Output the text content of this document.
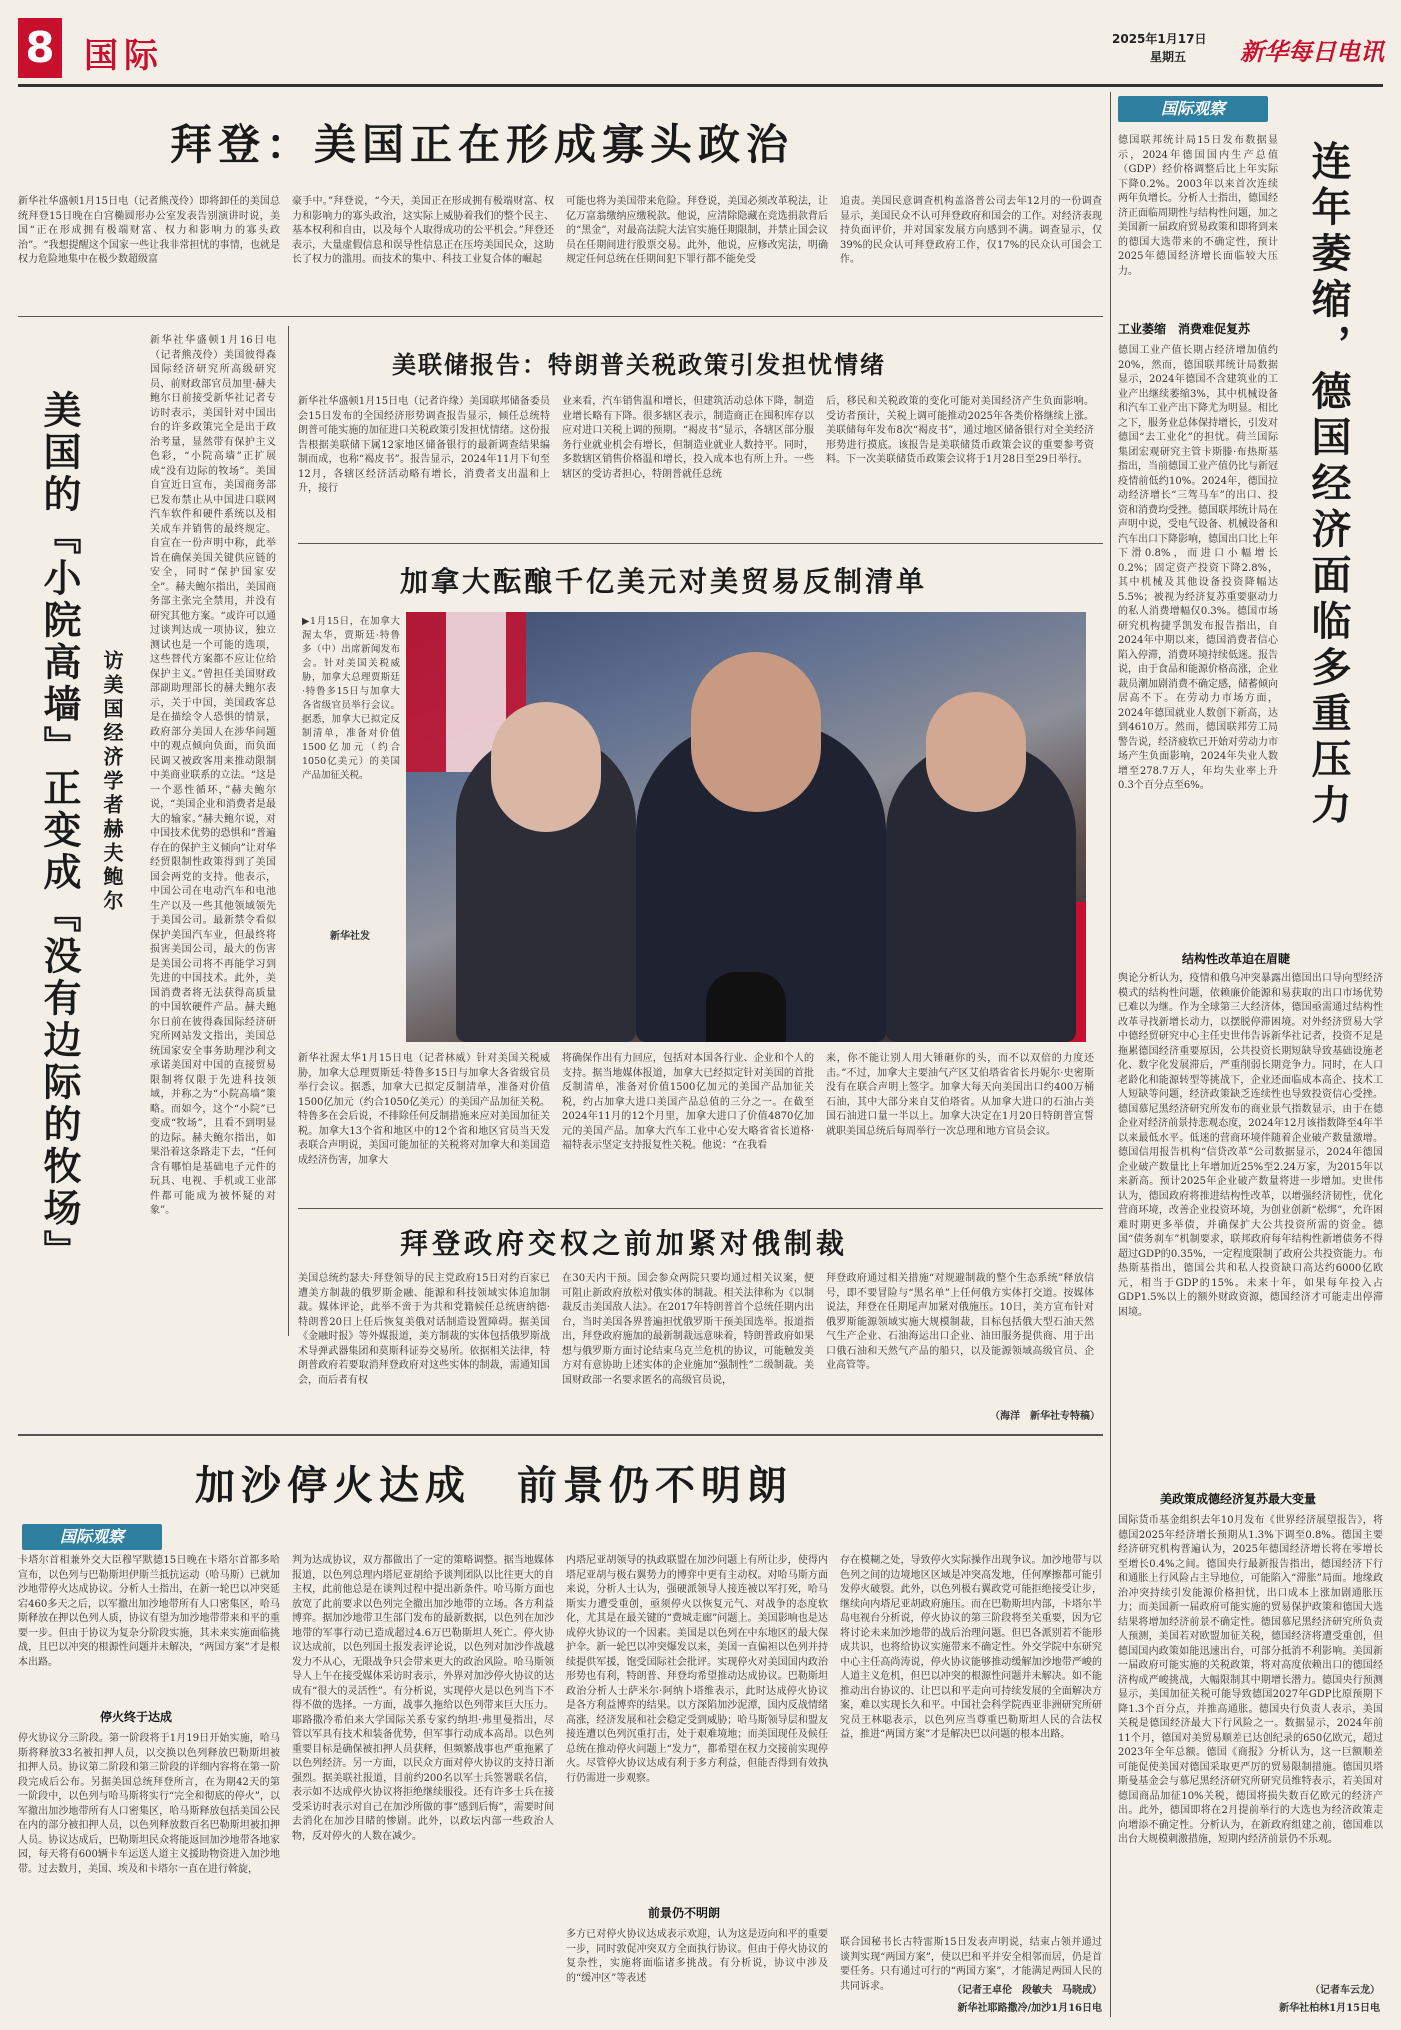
8 国际	2025年1月17日
星期五 新华每日电讯
拜登：美国正在形成寡头政治
新华社华盛顿1月15日电（记者熊茂伶）即将卸任的美国总统拜登15日晚在白宫椭圆形办公室发表告别演讲时说，美国“正在形成拥有极端财富、权力和影响力的寡头政治”。“我想提醒这个国家一些让我非常担忧的事情，也就是权力危险地集中在极少数超级富
豪手中。”拜登说，“今天，美国正在形成拥有极端财富、权力和影响力的寡头政治，这实际上威胁着我们的整个民主、基本权利和自由，以及每个人取得成功的公平机会。”拜登还表示，大量虚假信息和误导性信息正在压垮美国民众，这助长了权力的滥用。而技术的集中、科技工业复合体的崛起
可能也将为美国带来危险。拜登说，美国必须改革税法，让亿万富翁缴纳应缴税款。他说，应清除隐藏在竞选捐款背后的“黑金”，对最高法院大法官实施任期限制，并禁止国会议员在任期间进行股票交易。此外，他说，应修改宪法，明确规定任何总统在任期间犯下罪行都不能免受
追责。美国民意调查机构盖洛普公司去年12月的一份调查显示，美国民众不认可拜登政府和国会的工作。对经济表现持负面评价，并对国家发展方向感到不满。调查显示，仅39%的民众认可拜登政府工作，仅17%的民众认可国会工作。
新华社华盛顿1月16日电（记者熊茂伶）美国彼得森国际经济研究所高级研究员、前财政部官员加里·赫夫鲍尔日前接受新华社记者专访时表示，美国针对中国出台的许多政策完全是出于政治考量，显然带有保护主义色彩，“小院高墙”正扩展成“没有边际的牧场”。美国自宣近日宣布，美国商务部已发布禁止从中国进口联网汽车软件和硬件系统以及相关成车并销售的最终规定。自宣在一份声明中称，此举旨在确保美国关键供应链的安全，同时“保护国家安全”。赫夫鲍尔指出，美国商务部主张完全禁用，并没有研究其他方案。“或许可以通过谈判达成一项协议，独立测试也是一个可能的选项，这些替代方案都不应让位给保护主义。”曾担任美国财政部副助理部长的赫夫鲍尔表示，关于中国，美国政客总是在描绘令人恐惧的情景，政府部分美国人在涉华问题中的观点倾向负面，而负面民调又被政客用来推动限制中美商业联系的立法。“这是一个恶性循环，”赫夫鲍尔说，“美国企业和消费者是最大的输家。”赫夫鲍尔说，对中国技术优势的恐惧和“普遍存在的保护主义倾向”让对华经贸限制性政策得到了美国国会两党的支持。他表示，中国公司在电动汽车和电池生产以及一些其他领域领先于美国公司。最新禁令看似保护美国汽车业，但最终将损害美国公司，最大的伤害是美国公司将不再能学习到先进的中国技术。此外，美国消费者将无法获得高质量的中国软硬件产品。赫夫鲍尔日前在彼得森国际经济研究所网站发文指出，美国总统国家安全事务助理沙利文承诺美国对中国的直接贸易限制将仅限于先进科技领域，并称之为“小院高墙”策略。而如今，这个“小院”已变成“牧场”，且看不到明显的边际。赫夫鲍尔指出，如果沿着这条路走下去，“任何含有哪怕是基础电子元件的玩具、电视、手机或工业部件都可能成为被怀疑的对象”。
美国的『小院高墙』正变成『没有边际的牧场』 访美国经济学者赫夫鲍尔
美联储报告：特朗普关税政策引发担忧情绪
新华社华盛顿1月15日电（记者许缘）美国联邦储备委员会15日发布的全国经济形势调查报告显示，倾任总统特朗普可能实施的加征进口关税政策引发担忧情绪。这份报告根据美联储下属12家地区储备银行的最新调查结果编制而成，也称“褐皮书”。报告显示，2024年11月下旬至12月，各辖区经济活动略有增长，消费者支出温和上升，接行
业来看，汽车销售温和增长，但建筑活动总体下降，制造业增长略有下降。很多辖区表示，制造商正在囤积库存以应对进口关税上调的预期。“褐皮书”显示，各辖区部分服务行业就业机会有增长，但制造业就业人数持平。同时，多数辖区销售价格温和增长，投入成本也有所上升。一些辖区的受访者担心，特朗普就任总统
后，移民和关税政策的变化可能对美国经济产生负面影响。受访者预计，关税上调可能推动2025年各类价格继续上涨。美联储每年发布8次“褐皮书”，通过地区储备银行对全美经济形势进行摸底。该报告是美联储货币政策会议的重要参考资料。下一次美联储货币政策会议将于1月28日至29日举行。
加拿大酝酿千亿美元对美贸易反制清单
▶1月15日，在加拿大渥太华，贾斯廷·特鲁多（中）出席新闻发布会。针对美国关税威胁，加拿大总理贾斯廷·特鲁多15日与加拿大各省级官员举行会议。据悉，加拿大已拟定反制清单，准备对价值1500亿加元（约合1050亿美元）的美国产品加征关税。
新华社发
新华社渥太华1月15日电（记者林威）针对美国关税威胁，加拿大总理贾斯廷·特鲁多15日与加拿大各省级官员举行会议。据悉，加拿大已拟定反制清单，准备对价值1500亿加元（约合1050亿美元）的美国产品加征关税。特鲁多在会后说，不排除任何反制措施来应对美国加征关税。加拿大13个省和地区中的12个省和地区官员当天发表联合声明说，美国可能加征的关税将对加拿大和美国造成经济伤害，加拿大
将确保作出有力回应，包括对本国各行业、企业和个人的支持。据当地媒体报道，加拿大已经拟定针对美国的首批反制清单，准备对价值1500亿加元的美国产品加征关税，约占加拿大进口美国产品总值的三分之一。在截至2024年11月的12个月里，加拿大进口了价值4870亿加元的美国产品。加拿大汽车工业中心安大略省省长道格·福特表示坚定支持报复性关税。他说：“在我看
来，你不能让别人用大锤砸你的头，而不以双倍的力度还击。”不过，加拿大主要油气产区艾伯塔省省长丹妮尔·史密斯没有在联合声明上签字。加拿大每天向美国出口约400万桶石油，其中大部分来自艾伯塔省。从加拿大进口的石油占美国石油进口量一半以上。加拿大决定在1月20日特朗普宣誓就职美国总统后每周举行一次总理和地方官员会议。
拜登政府交权之前加紧对俄制裁
美国总统约瑟夫·拜登领导的民主党政府15日对约百家已遭美方制裁的俄罗斯金融、能源和科技领域实体追加制裁。媒体评论，此举不啻于为共和党籍候任总统唐纳德·特朗普20日上任后恢复美俄对话制造设置障碍。据美国《金融时报》等外媒报道，美方制裁的实体包括俄罗斯战术导弹武器集团和莫斯科证券交易所。依据相关法律，特朗普政府若要取消拜登政府对这些实体的制裁，需通知国会，而后者有权
在30天内干预。国会参众两院只要均通过相关议案，便可阻止新政府放松对俄实体的制裁。相关法律称为《以制裁反击美国敌人法》。在2017年特朗普首个总统任期内出台，当时美国各界普遍担忧俄罗斯干预美国选举。报道指出，拜登政府施加的最新制裁远意味着，特朗普政府如果想与俄罗斯方面讨论结束乌克兰危机的协议，可能触发美方对有意协助上述实体的企业施加“强制性”二级制裁。美国财政部一名要求匿名的高级官员说，
拜登政府通过相关措施“对规避制裁的整个生态系统”释放信号，即不要冒险与“黑名单”上任何俄方实体打交道。按媒体说法，拜登在任期尾声加紧对俄施压。10日，美方宣布针对俄罗斯能源领域实施大规模制裁，目标包括俄大型石油天然气生产企业、石油海运出口企业、油田服务提供商、用于出口俄石油和天然气产品的船只，以及能源领域高级官员、企业高管等。
（海洋　新华社专特稿）
加沙停火达成　前景仍不明朗
国际观察
卡塔尔首相兼外交大臣穆罕默德15日晚在卡塔尔首都多哈宣布，以色列与巴勒斯坦伊斯兰抵抗运动（哈马斯）已就加沙地带停火达成协议。分析人士指出，在新一轮巴以冲突延宕460多天之后，以军撤出加沙地带所有人口密集区，哈马斯释放在押以色列人质，协议有望为加沙地带带来和平的重要一步。但由于协议为复杂分阶段实施，其未来实施面临挑战，且巴以冲突的根源性问题并未解决，“两国方案”才是根本出路。
停火终于达成
停火协议分三阶段。第一阶段将于1月19日开始实施，哈马斯将释放33名被扣押人员，以交换以色列释放巴勒斯坦被扣押人员。协议第二阶段和第三阶段的详细内容将在第一阶段完成后公布。另据美国总统拜登所言，在为期42天的第一阶段中，以色列与哈马斯将实行“完全和彻底的停火”，以军撤出加沙地带所有人口密集区，哈马斯释放包括美国公民在内的部分被扣押人员，以色列释放数百名巴勒斯坦被扣押人员。协议达成后，巴勒斯坦民众将能返回加沙地带各地家园，每天将有600辆卡车运送人道主义援助物资进入加沙地带。过去数月，美国、埃及和卡塔尔一直在进行斡旋，
判为达成协议，双方都做出了一定的策略调整。据当地媒体报道，以色列总理内塔尼亚胡给予谈判团队以比往更大的自主权，此前他总是在谈判过程中提出新条件。哈马斯方面也放宽了此前要求以色列完全撤出加沙地带的立场。各方利益博弈。据加沙地带卫生部门发布的最新数据，以色列在加沙地带的军事行动已造成超过4.6万巴勒斯坦人死亡。停火协议达成前，以色列国土报发表评论说，以色列对加沙作战越发力不从心，无限战争只会带来更大的政治风险。哈马斯领导人上午在接受媒体采访时表示，外界对加沙停火协议的达成有“很大的灵活性”。有分析说，实现停火是以色列当下不得不做的选择。一方面，战事久拖给以色列带来巨大压力。耶路撒冷希伯来大学国际关系专家约纳坦·弗里曼指出，尽管以军具有技术和装备优势，但军事行动成本高昂。以色列重要目标是确保被扣押人员获释，但频繁战事也严重拖累了以色列经济。另一方面，以民众方面对停火协议的支持日渐强烈。据美联社报道，目前约200名以军士兵签署联名信，表示如不达成停火协议将拒绝继续服役。还有许多士兵在接受采访时表示对自己在加沙所做的事“感到后悔”，需要时间去消化在加沙目睹的惨剧。此外，以政坛内部一些政治人物，反对停火的人数在减少。
内塔尼亚胡领导的执政联盟在加沙问题上有所让步，使得内塔尼亚胡与极右翼势力的博弈中更有主动权。对哈马斯方面来说，分析人士认为，强硬派领导人接连被以军打死，哈马斯实力遭受重创，亟须停火以恢复元气、对战争的态度软化，尤其是在最关键的“费城走廊”问题上。美国影响也是达成停火协议的一个因素。美国是以色列在中东地区的最大保护伞。新一轮巴以冲突爆发以来，美国一直偏袒以色列并持续提供军援，饱受国际社会批评。实现停火对美国国内政治形势也有利，特朗普、拜登均希望推动达成协议。巴勒斯坦政治分析人士萨米尔·阿纳卜塔维表示，此时达成停火协议是各方利益博弈的结果。以方深陷加沙泥潭，国内反战情绪高涨，经济发展和社会稳定受到威胁；哈马斯领导层和盟友接连遭以色列沉重打击，处于艰难境地；而美国现任及候任总统在推动停火问题上“发力”，都希望在权力交接前实现停火。尽管停火协议达成有利于多方利益，但能否得到有效执行仍需进一步观察。
前景仍不明朗
多方已对停火协议达成表示欢迎，认为这是迈向和平的重要一步，同时敦促冲突双方全面执行协议。但由于停火协议的复杂性，实施将面临诸多挑战。有分析说，协议中涉及的“缓冲区”等表述
存在模糊之处，导致停火实际操作出现争议。加沙地带与以色列之间的边境地区区域是冲突高发地，任何摩擦都可能引发停火破裂。此外，以色列极右翼政党可能拒绝接受让步，继续向内塔尼亚胡政府施压。而在巴勒斯坦内部，卡塔尔半岛电视台分析说，停火协议的第三阶段将至关重要，因为它将讨论未来加沙地带的战后治理问题。但巴各派别若不能形成共识，也将给协议实施带来不确定性。外交学院中东研究中心主任高尚涛说，停火协议能够推动缓解加沙地带严峻的人道主义危机，但巴以冲突的根源性问题并未解决。如不能推动出台协议的、让巴以和平走向可持续发展的全面解决方案，难以实现长久和平。中国社会科学院西亚非洲研究所研究员王林聪表示，以色列应当尊重巴勒斯坦人民的合法权益，推进“两国方案”才是解决巴以问题的根本出路。
联合国秘书长古特雷斯15日发表声明说，结束占领并通过谈判实现“两国方案”，使以巴和平并安全相邻而居，仍是首要任务。只有通过可行的“两国方案”，才能满足两国人民的共同诉求。	（记者王卓伦　段敏夫　马晓成）
新华社耶路撒冷/加沙1月16日电
国际观察
连年萎缩，德国经济面临多重压力
德国联邦统计局15日发布数据显示，2024年德国国内生产总值（GDP）经价格调整后比上年实际下降0.2%。2003年以来首次连续两年负增长。分析人士指出，德国经济正面临周期性与结构性问题，加之美国新一届政府贸易政策和即将到来的德国大选带来的不确定性，预计2025年德国经济增长面临较大压力。
工业萎缩　消费难促复苏
德国工业产值长期占经济增加值约20%，然而，德国联邦统计局数据显示，2024年德国不含建筑业的工业产出继续萎缩3%，其中机械设备和汽车工业产出下降尤为明显。相比之下，服务业总体保持增长，引发对德国“去工业化”的担忧。荷兰国际集团宏观研究主管卡斯滕·布热斯基指出，当前德国工业产值仍比与新冠疫情前低约10%。2024年，德国拉动经济增长“三驾马车”的出口、投资和消费均受挫。德国联邦统计局在声明中说，受电气设备、机械设备和汽车出口下降影响，德国出口比上年下滑0.8%，而进口小幅增长0.2%；固定资产投资下降2.8%，其中机械及其他设备投资降幅达5.5%；被视为经济复苏重要驱动力的私人消费增幅仅0.3%。德国市场研究机构捷孚凯发布报告指出，自2024年中期以来，德国消费者信心陷入停滞，消费环境持续低迷。报告说，由于食品和能源价格高涨，企业裁员潮加剧消费不确定感，储蓄倾向居高不下。在劳动力市场方面，2024年德国就业人数创下新高，达到4610万。然而，德国联邦劳工局警告说，经济疲软已开始对劳动力市场产生负面影响，2024年失业人数增至278.7万人，年均失业率上升0.3个百分点至6%。
结构性改革迫在眉睫
舆论分析认为，疫情和俄乌冲突暴露出德国出口导向型经济模式的结构性问题，依赖廉价能源和易获取的出口市场优势已难以为继。作为全球第三大经济体，德国亟需通过结构性改革寻找新增长动力，以摆脱停滞困境。对外经济贸易大学中德经贸研究中心主任史世伟告诉新华社记者，投资不足是拖累德国经济重要原因，公共投资长期短缺导致基础设施老化、数字化发展滞后，严重削弱长期竞争力。同时，在人口老龄化和能源转型等挑战下，企业还面临成本高企、技术工人短缺等问题，经济政策缺乏连续性也导致投资信心受挫。德国慕尼黑经济研究所发布的商业景气指数显示，由于在德企业对经济前景持悲观态度，2024年12月该指数降至4年半以来最低水平。低迷的营商环境伴随着企业破产数量激增。德国信用报告机构“信贷改革”公司数据显示，2024年德国企业破产数量比上年增加近25%至2.24万家，为2015年以来新高。预计2025年企业破产数量将进一步增加。史世伟认为，德国政府将推进结构性改革，以增强经济韧性，优化营商环境，改善企业投资环境，为创业创新“松绑”，允许困难时期更多举债，并确保扩大公共投资所需的资金。德国“债务刹车”机制要求，联邦政府每年结构性新增债务不得超过GDP的0.35%，一定程度限制了政府公共投资能力。布热斯基指出，德国公共和私人投资缺口高达约6000亿欧元，相当于GDP的15%。未来十年，如果每年投入占GDP1.5%以上的额外财政资源，德国经济才可能走出停滞困境。
美政策成德经济复苏最大变量
国际货币基金组织去年10月发布《世界经济展望报告》，将德国2025年经济增长预期从1.3%下调至0.8%。德国主要经济研究机构普遍认为，2025年德国经济增长将在零增长至增长0.4%之间。德国央行最新报告指出，德国经济下行和通胀上行风险占主导地位，可能陷入“滞胀”局面。地缘政治冲突持续引发能源价格担忧，出口成本上涨加剧通胀压力；而美国新一届政府可能实施的贸易保护政策和德国大选结果将增加经济前景不确定性。德国慕尼黑经济研究所负责人预测，美国若对欧盟加征关税，德国经济将遭受重创，但德国国内政策如能迅速出台，可部分抵消不利影响。美国新一届政府可能实施的关税政策，将对高度依赖出口的德国经济构成严峻挑战，大幅限制其中期增长潜力。德国央行预测显示，美国加征关税可能导致德国2027年GDP比原预期下降1.3个百分点，并推高通胀。德国央行负责人表示，美国关税是德国经济最大下行风险之一。数据显示，2024年前11个月，德国对美贸易顺差已达创纪录的650亿欧元，超过2023年全年总额。德国《商报》分析认为，这一巨额顺差可能促使美国对德国采取更严厉的贸易限制措施。德国贝塔斯曼基金会与慕尼黑经济研究所研究员维特表示，若美国对德国商品加征10%关税，德国将损失数百亿欧元的经济产出。此外，德国即将在2月提前举行的大选也为经济政策走向增添不确定性。分析认为，在新政府组建之前，德国难以出台大规模刺激措施，短期内经济前景仍不乐观。
（记者车云龙）
新华社柏林1月15日电
